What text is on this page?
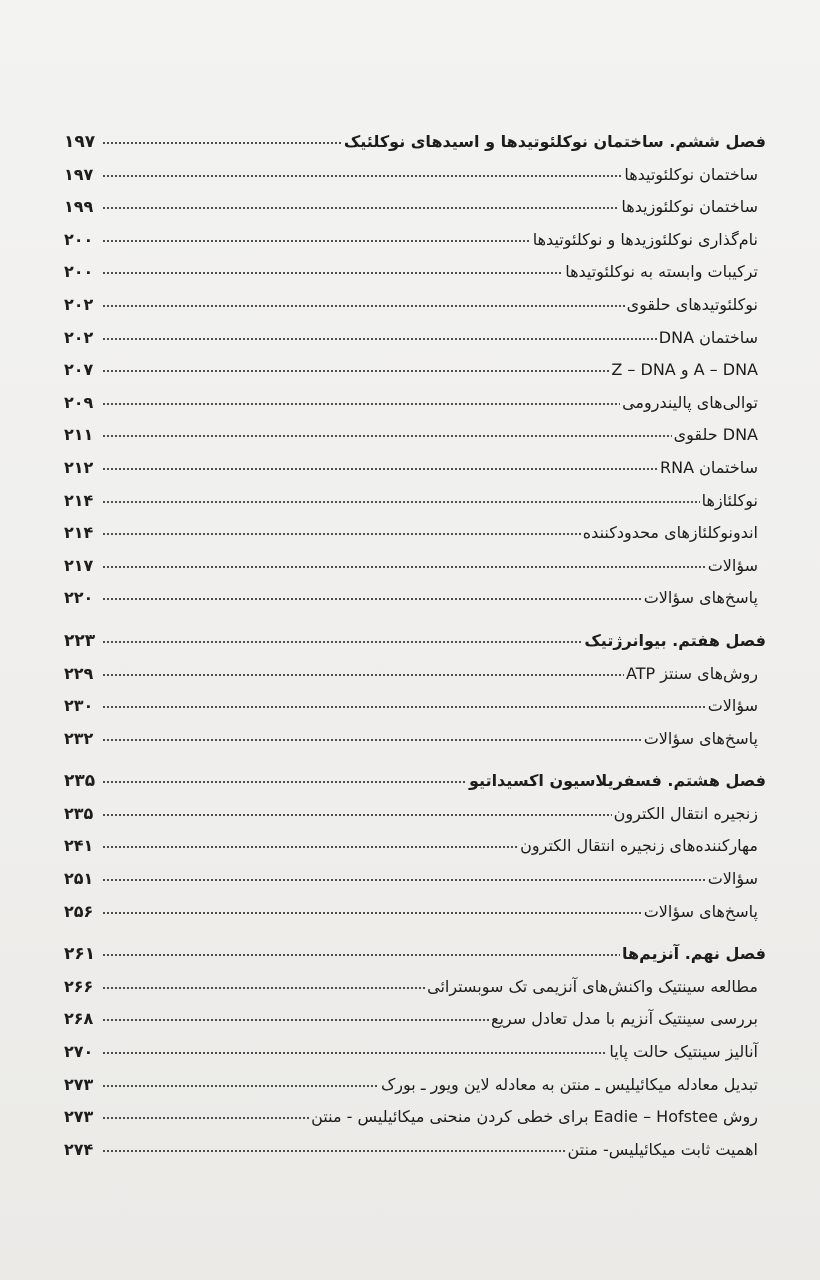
فصل ششم. ساختمان نوکلئوتیدها و اسیدهای نوکلئیک
۱۹۷
ساختمان نوکلئوتیدها
۱۹۷
ساختمان نوکلئوزیدها
۱۹۹
نام‌گذاری نوکلئوزیدها و نوکلئوتیدها
۲۰۰
ترکیبات وابسته به نوکلئوتیدها
۲۰۰
نوکلئوتیدهای حلقوی
۲۰۲
ساختمان DNA
۲۰۲
A – DNA و Z – DNA
۲۰۷
توالی‌های پالیندرومی
۲۰۹
DNA حلقوی
۲۱۱
ساختمان RNA
۲۱۲
نوکلئازها
۲۱۴
اندونوکلئازهای محدودکننده
۲۱۴
سؤالات
۲۱۷
پاسخ‌های سؤالات
۲۲۰
فصل هفتم. بیوانرژتیک
۲۲۳
روش‌های سنتز ATP
۲۲۹
سؤالات
۲۳۰
پاسخ‌های سؤالات
۲۳۲
فصل هشتم. فسفریلاسیون اکسیداتیو
۲۳۵
زنجیره انتقال الکترون
۲۳۵
مهارکننده‌های زنجیره انتقال الکترون
۲۴۱
سؤالات
۲۵۱
پاسخ‌های سؤالات
۲۵۶
فصل نهم. آنزیم‌ها
۲۶۱
مطالعه سینتیک واکنش‌های آنزیمی تک سوبسترائی
۲۶۶
بررسی سینتیک آنزیم با مدل تعادل سریع
۲۶۸
آنالیز سینتیک حالت پایا
۲۷۰
تبدیل معادله میکائیلیس ـ منتن به معادله لاین ویور ـ بورک
۲۷۳
روش Eadie – Hofstee برای خطی کردن منحنی میکائیلیس - منتن
۲۷۳
اهمیت ثابت میکائیلیس- منتن
۲۷۴
